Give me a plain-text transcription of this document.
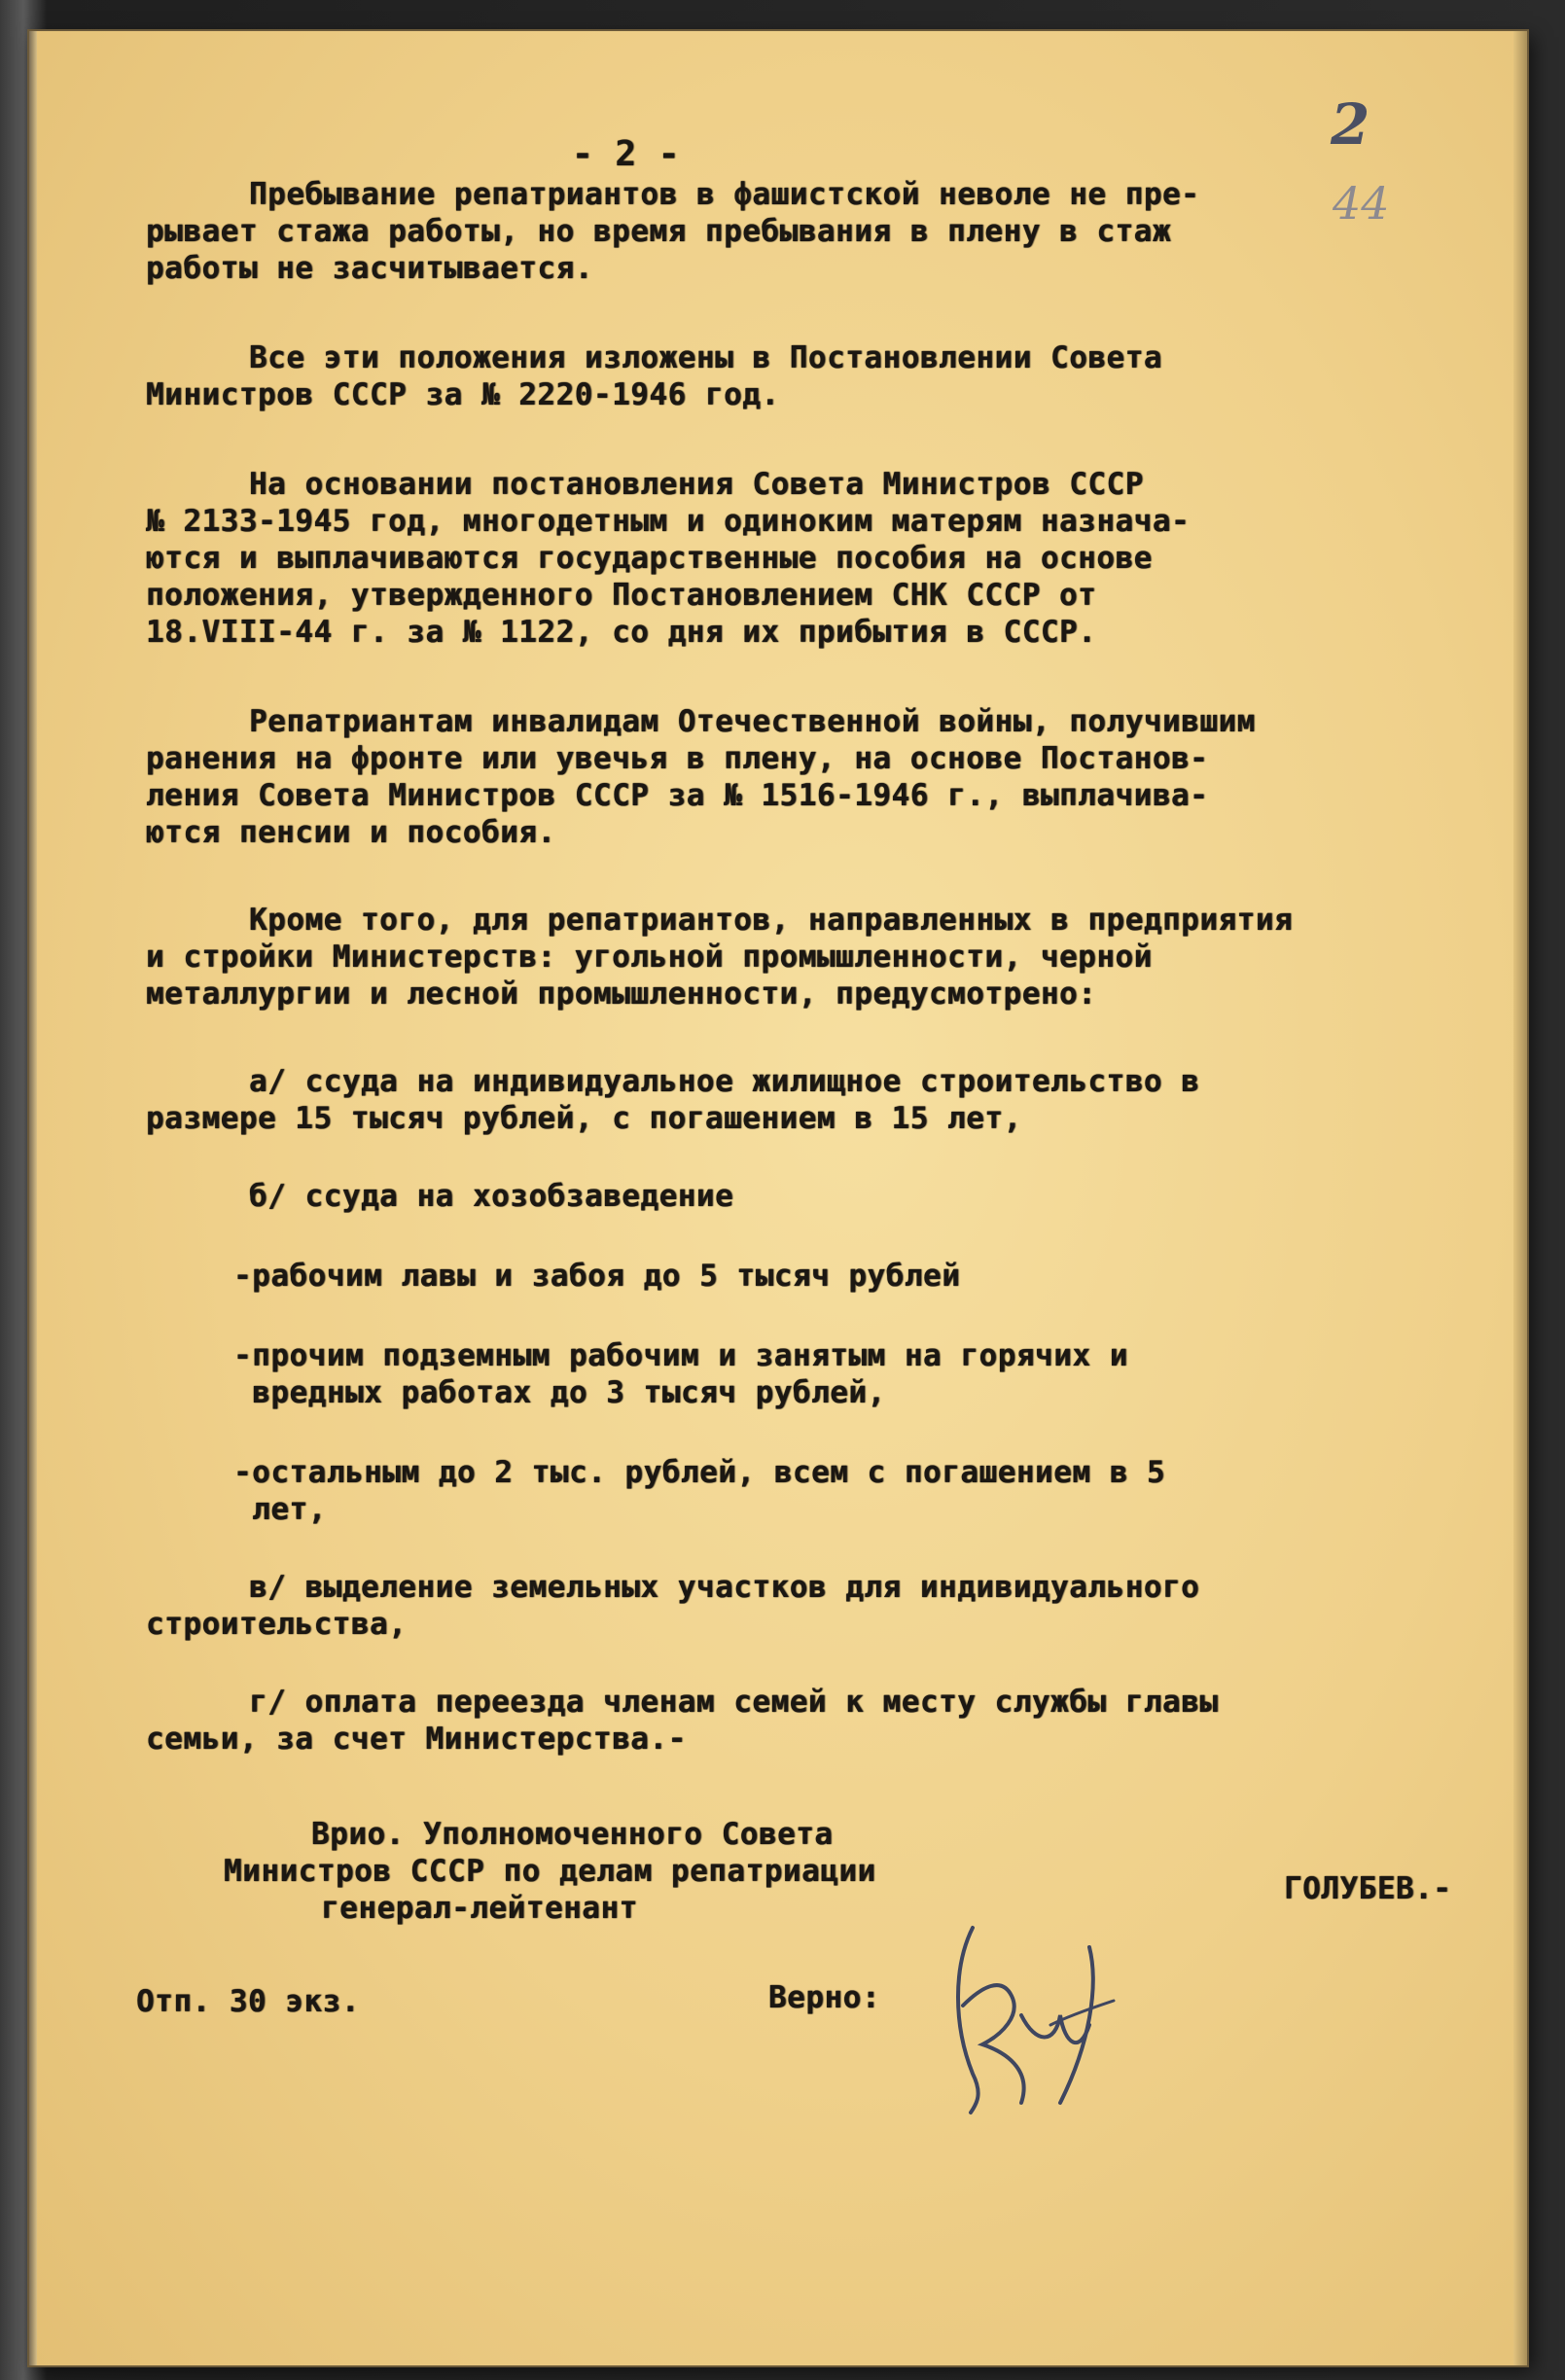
2
44
- 2 -
Пребывание репатриантов в фашистской неволе не пре-
рывает стажа работы, но время пребывания в плену в стаж
работы не засчитывается.
Все эти положения изложены в Постановлении Совета
Министров СССР за № 2220-1946 год.
На основании постановления Совета Министров СССР
№ 2133-1945 год, многодетным и одиноким матерям назнача-
ются и выплачиваются государственные пособия на основе
положения, утвержденного Постановлением СНК СССР от
18.VIII-44 г. за № 1122, со дня их прибытия в СССР.
Репатриантам инвалидам Отечественной войны, получившим
ранения на фронте или увечья в плену, на основе Постанов-
ления Совета Министров СССР за № 1516-1946 г., выплачива-
ются пенсии и пособия.
Кроме того, для репатриантов, направленных в предприятия
и стройки Министерств: угольной промышленности, черной
металлургии и лесной промышленности, предусмотрено:
а/ ссуда на индивидуальное жилищное строительство в
размере 15 тысяч рублей, с погашением в 15 лет,
б/ ссуда на хозобзаведение
-рабочим лавы и забоя до 5 тысяч рублей
-прочим подземным рабочим и занятым на горячих и
вредных работах до 3 тысяч рублей,
-остальным до 2 тыс. рублей, всем с погашением в 5
лет,
в/ выделение земельных участков для индивидуального
строительства,
г/ оплата переезда членам семей к месту службы главы
семьи, за счет Министерства.-
Врио. Уполномоченного Совета
Министров СССР по делам репатриации
генерал-лейтенант
ГОЛУБЕВ.-
Отп. 30 экз.	Верно:
